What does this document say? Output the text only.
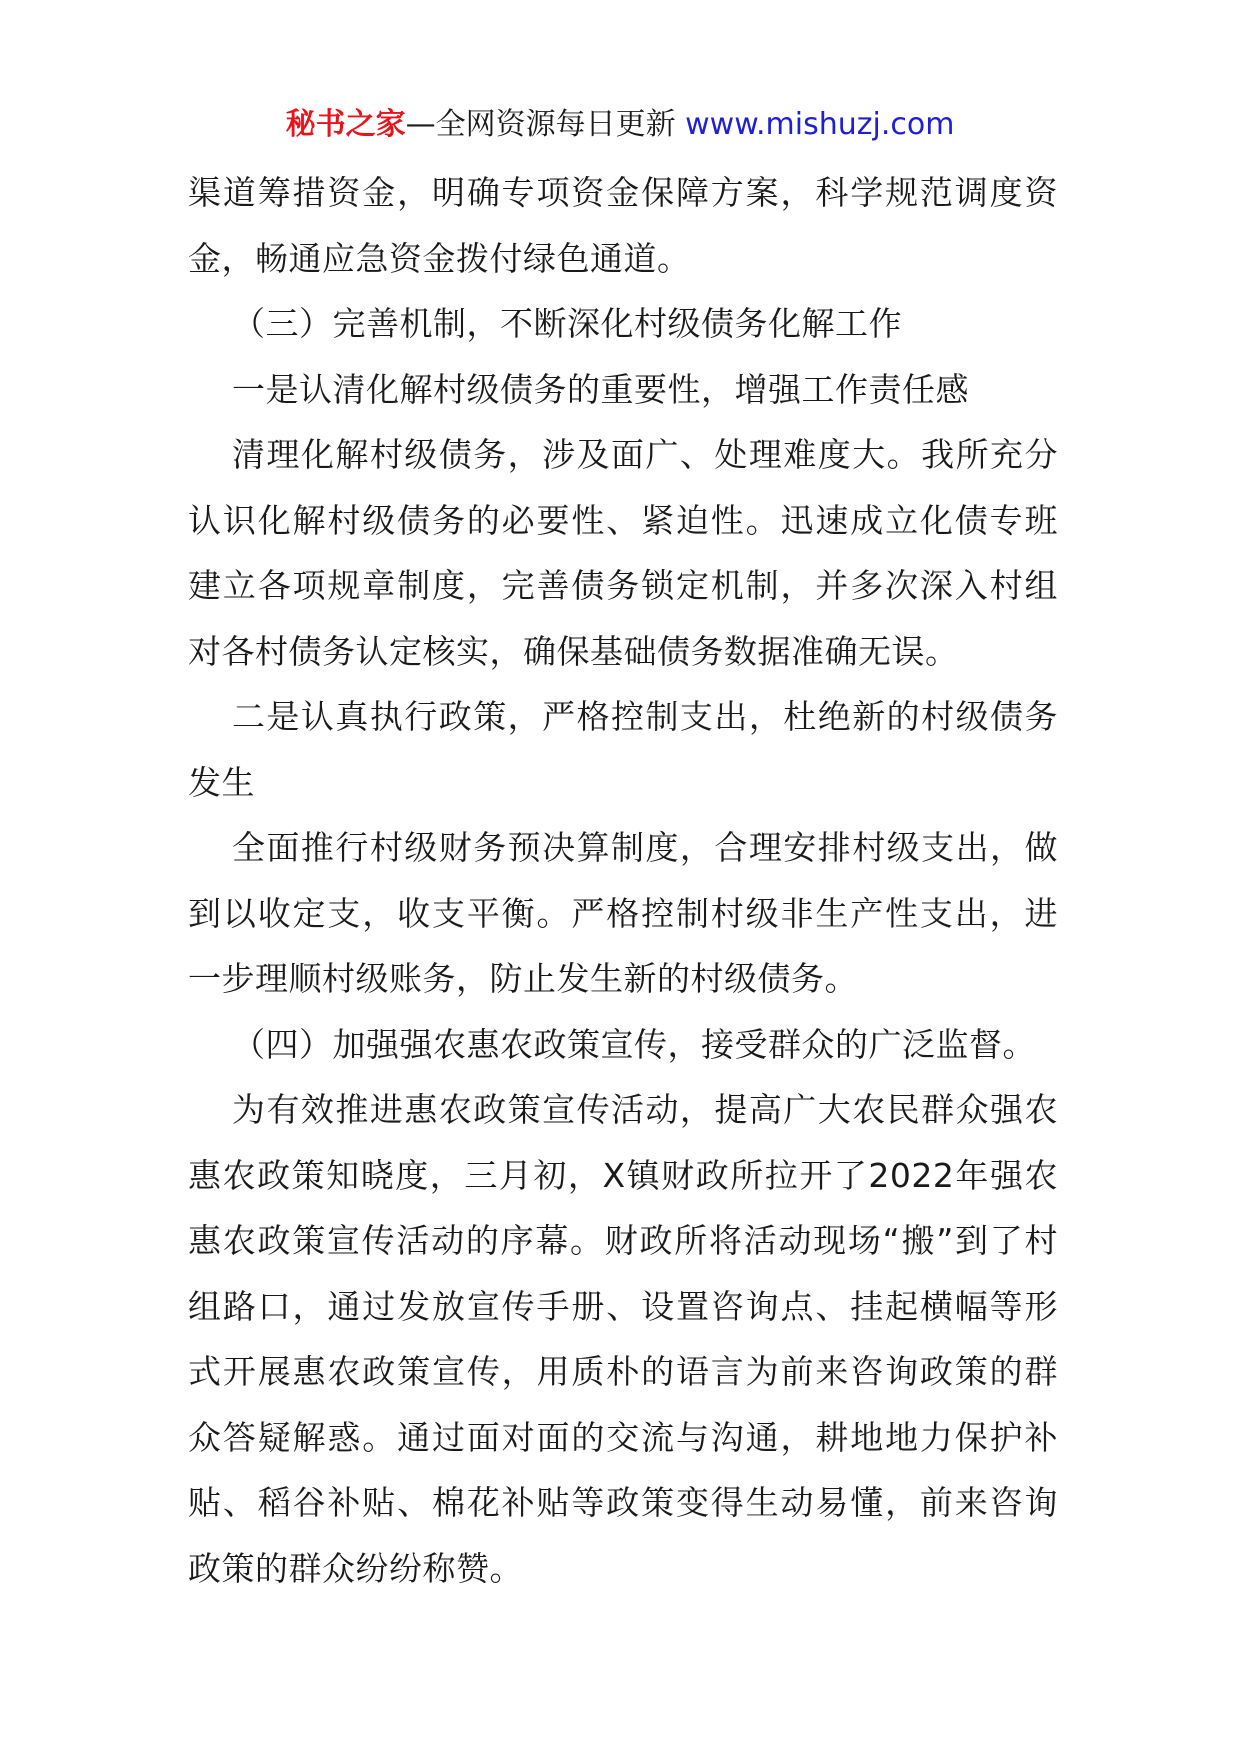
秘书之家—全网资源每日更新 www.mishuzj.com

渠道筹措资金，明确专项资金保障方案，科学规范调度资金，畅通应急资金拨付绿色通道。

（三）完善机制，不断深化村级债务化解工作

一是认清化解村级债务的重要性，增强工作责任感

清理化解村级债务，涉及面广、处理难度大。我所充分认识化解村级债务的必要性、紧迫性。迅速成立化债专班建立各项规章制度，完善债务锁定机制，并多次深入村组对各村债务认定核实，确保基础债务数据准确无误。

二是认真执行政策，严格控制支出，杜绝新的村级债务发生

全面推行村级财务预决算制度，合理安排村级支出，做到以收定支，收支平衡。严格控制村级非生产性支出，进一步理顺村级账务，防止发生新的村级债务。

（四）加强强农惠农政策宣传，接受群众的广泛监督。

为有效推进惠农政策宣传活动，提高广大农民群众强农惠农政策知晓度，三月初，X镇财政所拉开了2022年强农惠农政策宣传活动的序幕。财政所将活动现场“搬”到了村组路口，通过发放宣传手册、设置咨询点、挂起横幅等形式开展惠农政策宣传，用质朴的语言为前来咨询政策的群众答疑解惑。通过面对面的交流与沟通，耕地地力保护补贴、稻谷补贴、棉花补贴等政策变得生动易懂，前来咨询政策的群众纷纷称赞。
